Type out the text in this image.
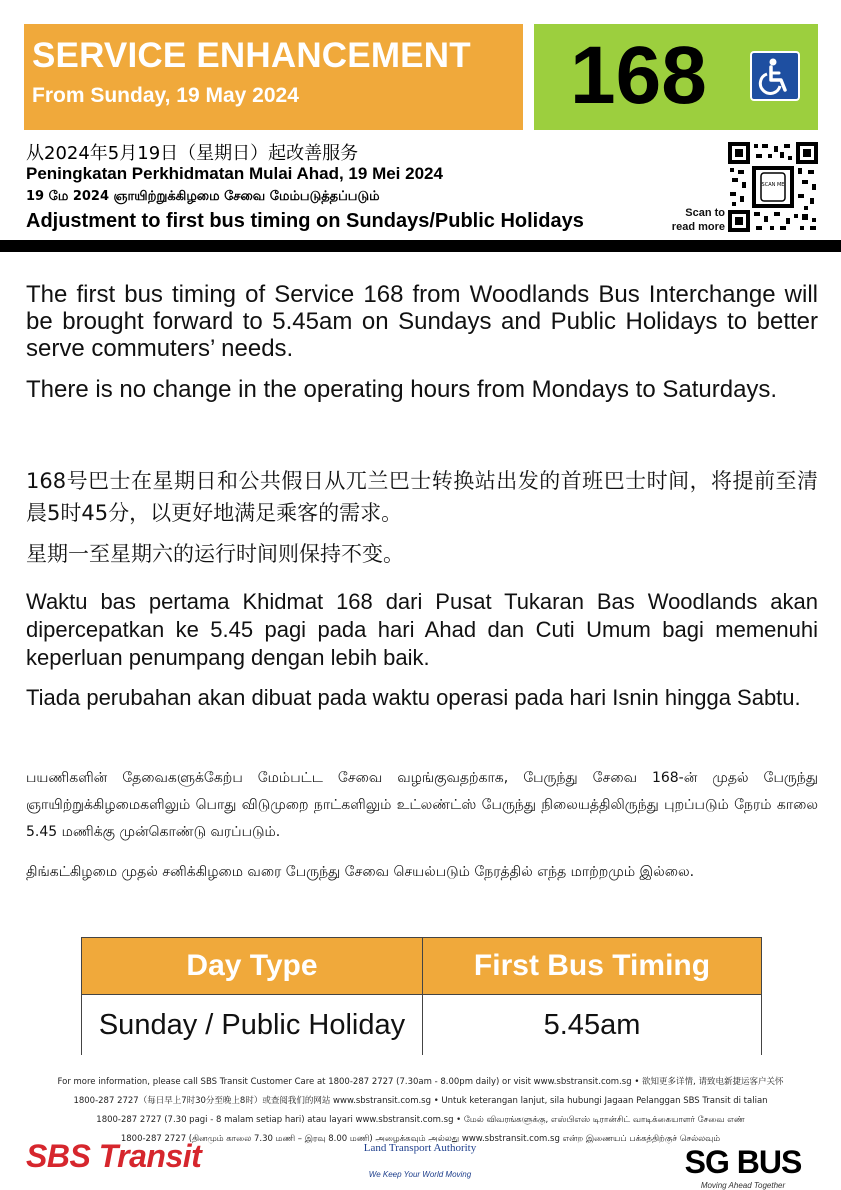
SERVICE ENHANCEMENT
From Sunday, 19 May 2024	168
从2024年5月19日（星期日）起改善服务
Peningkatan Perkhidmatan Mulai Ahad, 19 Mei 2024
19 மே 2024 ஞாயிற்றுக்கிழமை சேவை மேம்படுத்தப்படும்
Adjustment to first bus timing on Sundays/Public Holidays	Scan to read more
SCAN ME
The first bus timing of Service 168 from Woodlands Bus Interchange will be brought forward to 5.45am on Sundays and Public Holidays to better serve commuters’ needs.
There is no change in the operating hours from Mondays to Saturdays.
168号巴士在星期日和公共假日从兀兰巴士转换站出发的首班巴士时间，将提前至清晨5时45分，以更好地满足乘客的需求。
星期一至星期六的运行时间则保持不变。
Waktu bas pertama Khidmat 168 dari Pusat Tukaran Bas Woodlands akan dipercepatkan ke 5.45 pagi pada hari Ahad dan Cuti Umum bagi memenuhi keperluan penumpang dengan lebih baik.
Tiada perubahan akan dibuat pada waktu operasi pada hari Isnin hingga Sabtu.
பயணிகளின் தேவைகளுக்கேற்ப மேம்பட்ட சேவை வழங்குவதற்காக, பேருந்து சேவை 168-ன் முதல் பேருந்து ஞாயிற்றுக்கிழமைகளிலும் பொது விடுமுறை நாட்களிலும் உட்லண்ட்ஸ் பேருந்து நிலையத்திலிருந்து புறப்படும் நேரம் காலை 5.45 மணிக்கு முன்கொண்டு வரப்படும்.
திங்கட்கிழமை முதல் சனிக்கிழமை வரை பேருந்து சேவை செயல்படும் நேரத்தில் எந்த மாற்றமும் இல்லை.
Day Type	First Bus Timing
Sunday / Public Holiday	5.45am
For more information, please call SBS Transit Customer Care at 1800-287 2727 (7.30am - 8.00pm daily) or visit www.sbstransit.com.sg • 欲知更多详情, 请致电新捷运客户关怀
1800-287 2727（每日早上7时30分至晚上8时）或查阅我们的网站 www.sbstransit.com.sg • Untuk keterangan lanjut, sila hubungi Jagaan Pelanggan SBS Transit di talian
1800-287 2727 (7.30 pagi - 8 malam setiap hari) atau layari www.sbstransit.com.sg • மேல் விவரங்களுக்கு, எஸ்பிஎஸ் டிரான்சிட் வாடிக்கையாளர் சேவை எண்
1800-287 2727 (தினமும் காலை 7.30 மணி – இரவு 8.00 மணி) அழைக்கவும் அல்லது www.sbstransit.com.sg என்ற இணையப் பக்கத்திற்குச் செல்லவும்
SBS Transit	Land Transport Authority
We Keep Your World Moving	SG BUS
Moving Ahead Together
